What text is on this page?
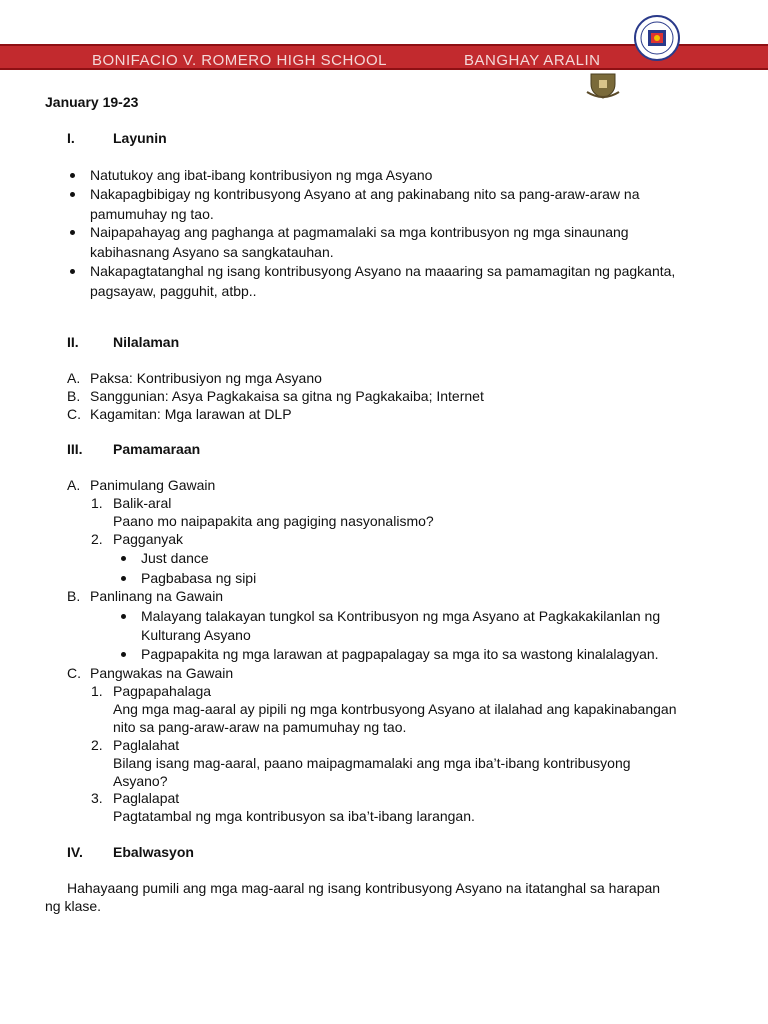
BONIFACIO V. ROMERO HIGH SCHOOL	BANGHAY ARALIN
January 19-23
I.	Layunin
Natutukoy ang ibat-ibang kontribusiyon ng mga Asyano
Nakapagbibigay ng kontribusyong Asyano at ang pakinabang nito sa pang-araw-araw na
pamumuhay ng tao.
Naipapahayag ang paghanga at pagmamalaki sa mga kontribusyon ng mga sinaunang
kabihasnang Asyano sa sangkatauhan.
Nakapagtatanghal ng isang kontribusyong Asyano na maaaring sa pamamagitan ng pagkanta,
pagsayaw, pagguhit, atbp..
II. Nilalaman
A. Paksa: Kontribusiyon ng mga Asyano
B. Sanggunian: Asya Pagkakaisa sa gitna ng Pagkakaiba; Internet
C. Kagamitan: Mga larawan at DLP
III. Pamamaraan
A. Panimulang Gawain
1. Balik-aral
Paano mo naipapakita ang pagiging nasyonalismo?
2. Pagganyak
Just dance
Pagbabasa ng sipi
B. Panlinang na Gawain
Malayang talakayan tungkol sa Kontribusyon ng mga Asyano at Pagkakakilanlan ng
Kulturang Asyano
Pagpapakita ng mga larawan at pagpapalagay sa mga ito sa wastong kinalalagyan.
C. Pangwakas na Gawain
1. Pagpapahalaga
Ang mga mag-aaral ay pipili ng mga kontrbusyong Asyano at ilalahad ang kapakinabangan
nito sa pang-araw-araw na pamumuhay ng tao.
2. Paglalahat
Bilang isang mag-aaral, paano maipagmamalaki ang mga iba’t-ibang kontribusyong
Asyano?
3. Paglalapat
Pagtatambal ng mga kontribusyon sa iba’t-ibang larangan.
IV. Ebalwasyon
Hahayaang pumili ang mga mag-aaral ng isang kontribusyong Asyano na itatanghal sa harapan
ng klase.
